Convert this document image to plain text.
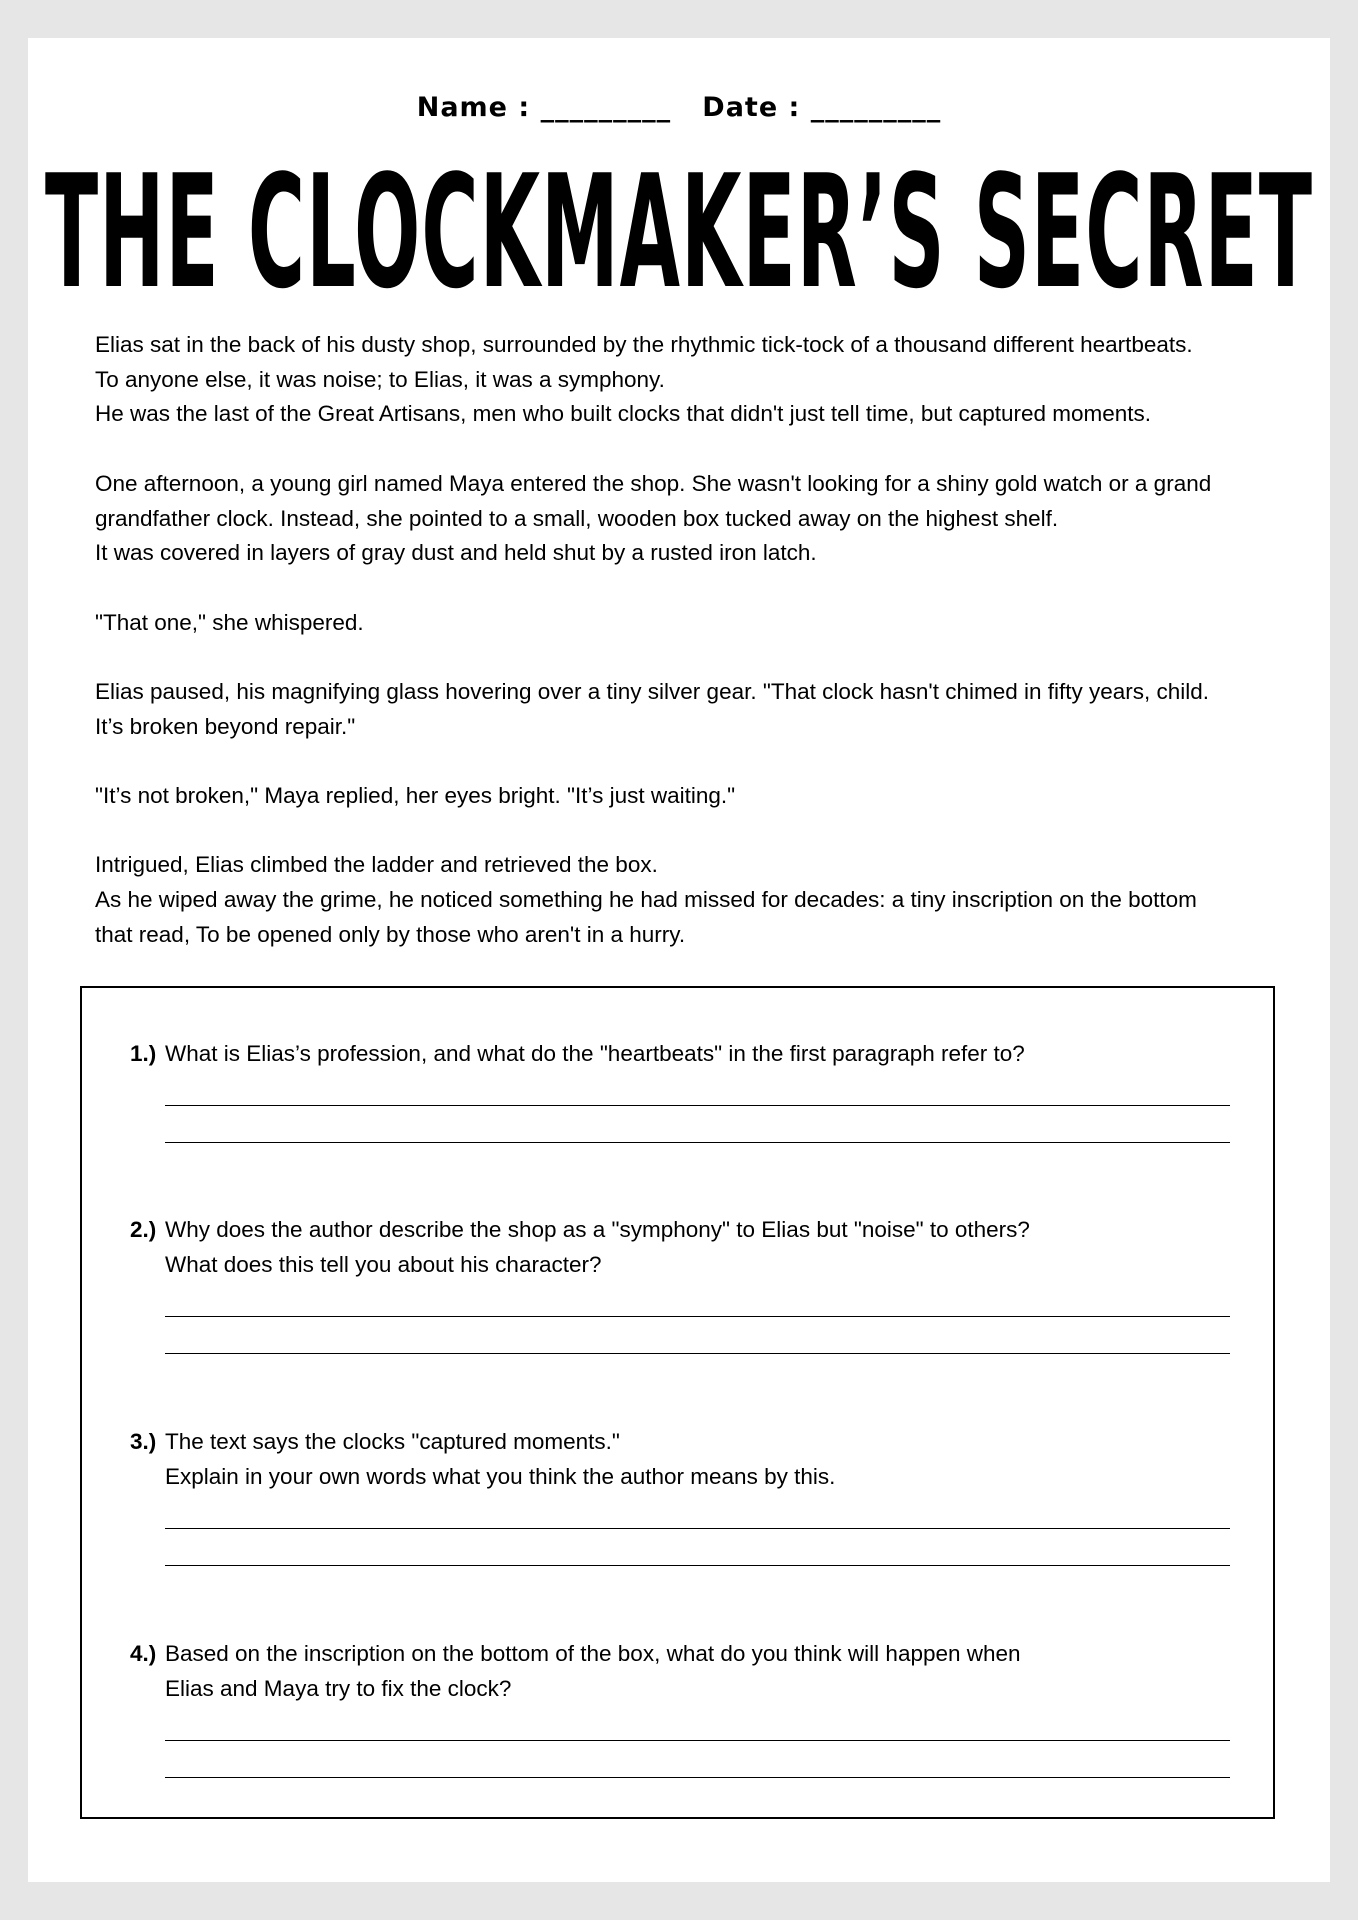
Name : _________ Date : _________
THE CLOCKMAKER’S SECRET

Elias sat in the back of his dusty shop, surrounded by the rhythmic tick-tock of a thousand different heartbeats.
To anyone else, it was noise; to Elias, it was a symphony.
He was the last of the Great Artisans, men who built clocks that didn't just tell time, but captured moments.

One afternoon, a young girl named Maya entered the shop. She wasn't looking for a shiny gold watch or a grand
grandfather clock. Instead, she pointed to a small, wooden box tucked away on the highest shelf.
It was covered in layers of gray dust and held shut by a rusted iron latch.

"That one," she whispered.

Elias paused, his magnifying glass hovering over a tiny silver gear. "That clock hasn't chimed in fifty years, child.
It’s broken beyond repair."

"It’s not broken," Maya replied, her eyes bright. "It’s just waiting."

Intrigued, Elias climbed the ladder and retrieved the box.
As he wiped away the grime, he noticed something he had missed for decades: a tiny inscription on the bottom
that read, To be opened only by those who aren't in a hurry.

1.) What is Elias’s profession, and what do the "heartbeats" in the first paragraph refer to?
2.) Why does the author describe the shop as a "symphony" to Elias but "noise" to others?
What does this tell you about his character?
3.) The text says the clocks "captured moments."
Explain in your own words what you think the author means by this.
4.) Based on the inscription on the bottom of the box, what do you think will happen when
Elias and Maya try to fix the clock?
